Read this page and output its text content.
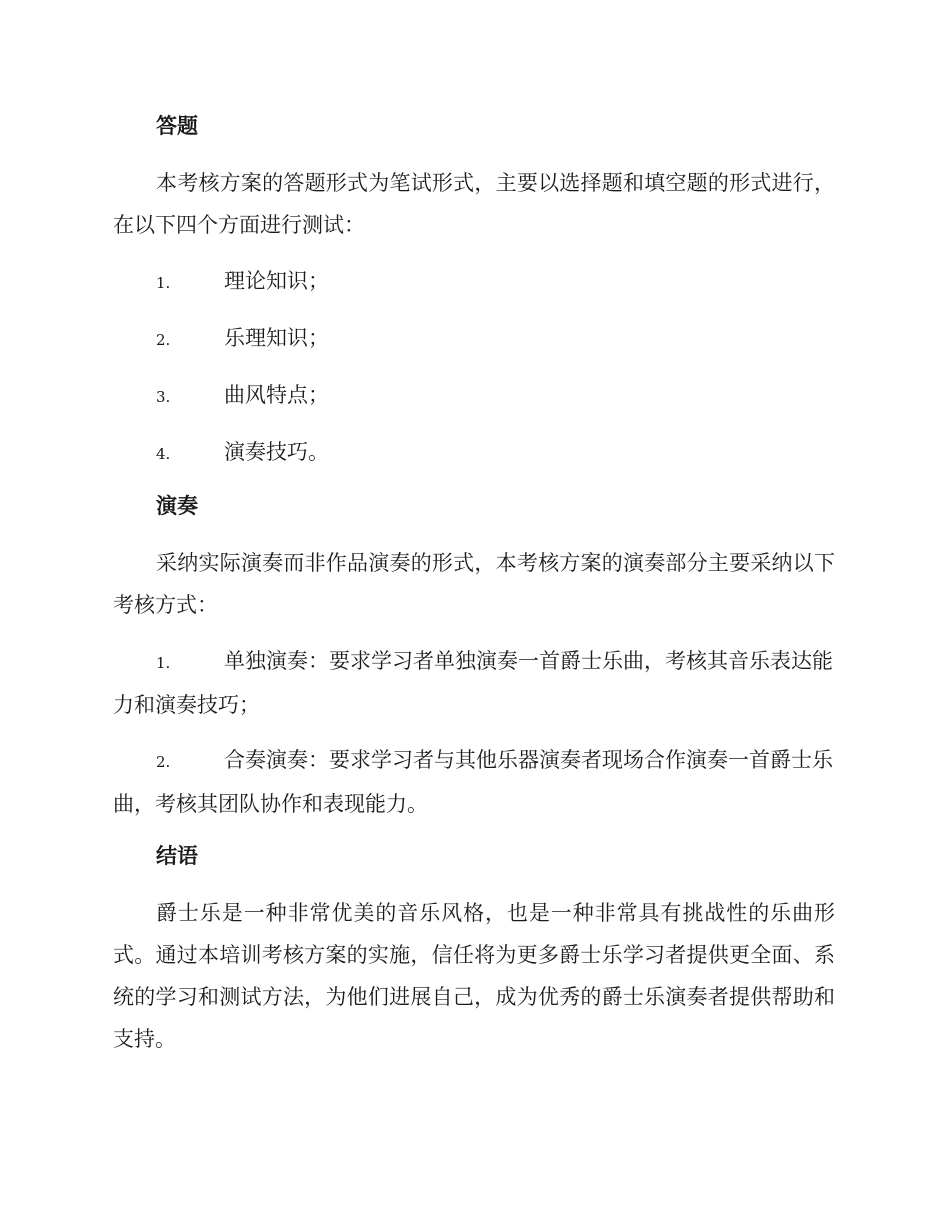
答题

本考核方案的答题形式为笔试形式，主要以选择题和填空题的形式进行，在以下四个方面进行测试：

1.	理论知识；
2.	乐理知识；
3.	曲风特点；
4.	演奏技巧。
演奏

采纳实际演奏而非作品演奏的形式，本考核方案的演奏部分主要采纳以下考核方式：

1.	单独演奏：要求学习者单独演奏一首爵士乐曲，考核其音乐表达能力和演奏技巧；
2.	合奏演奏：要求学习者与其他乐器演奏者现场合作演奏一首爵士乐曲，考核其团队协作和表现能力。
结语

爵士乐是一种非常优美的音乐风格，也是一种非常具有挑战性的乐曲形式。通过本培训考核方案的实施，信任将为更多爵士乐学习者提供更全面、系统的学习和测试方法，为他们进展自己，成为优秀的爵士乐演奏者提供帮助和支持。
